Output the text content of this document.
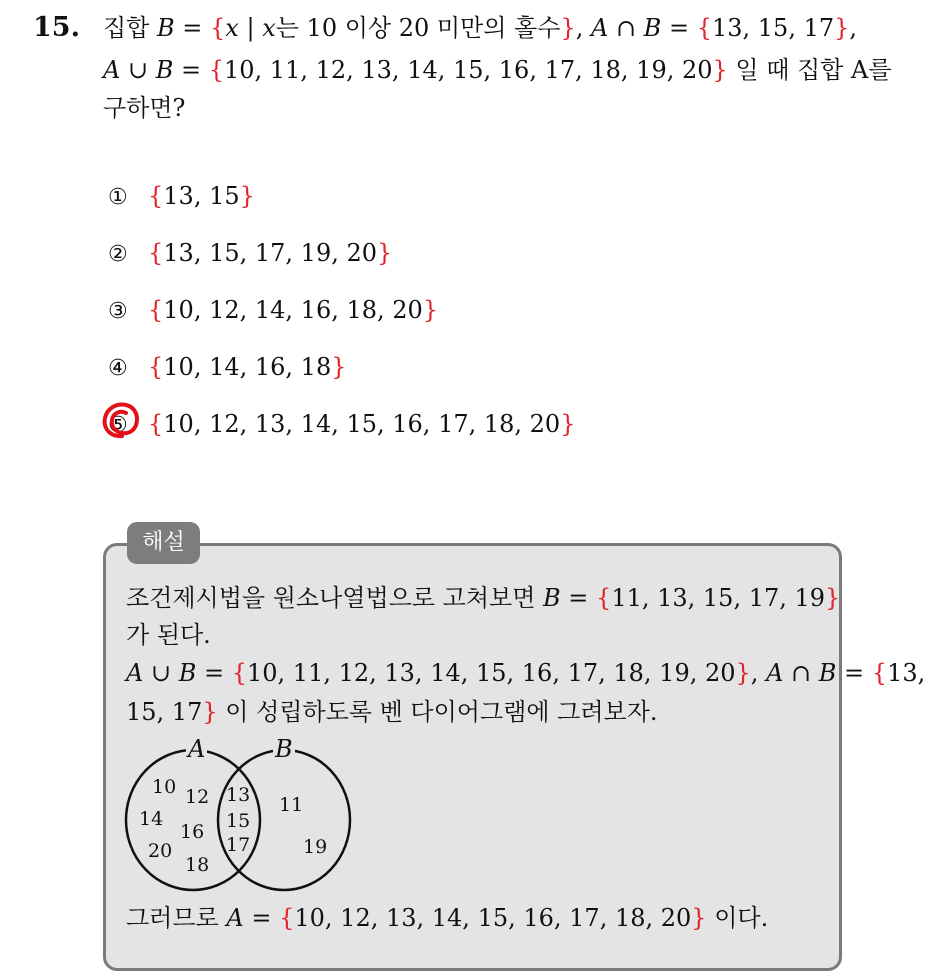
15. 집합 B = {x | x는 10 이상 20 미만의 홀수}, A ∩ B = {13, 15, 17},
A ∪ B = {10, 11, 12, 13, 14, 15, 16, 17, 18, 19, 20} 일 때 집합 A를
구하면?
① {13, 15}
② {13, 15, 17, 19, 20}
③ {10, 12, 14, 16, 18, 20}
④ {10, 14, 16, 18}
⑤ {10, 12, 13, 14, 15, 16, 17, 18, 20}
해설
조건제시법을 원소나열법으로 고쳐보면 B = {11, 13, 15, 17, 19}
가 된다.
A ∪ B = {10, 11, 12, 13, 14, 15, 16, 17, 18, 19, 20}, A ∩ B = {13,
15, 17} 이 성립하도록 벤 다이어그램에 그려보자.
A	B
10 12
14
16
20
18
13
15
17
11
19
그러므로 A = {10, 12, 13, 14, 15, 16, 17, 18, 20} 이다.
